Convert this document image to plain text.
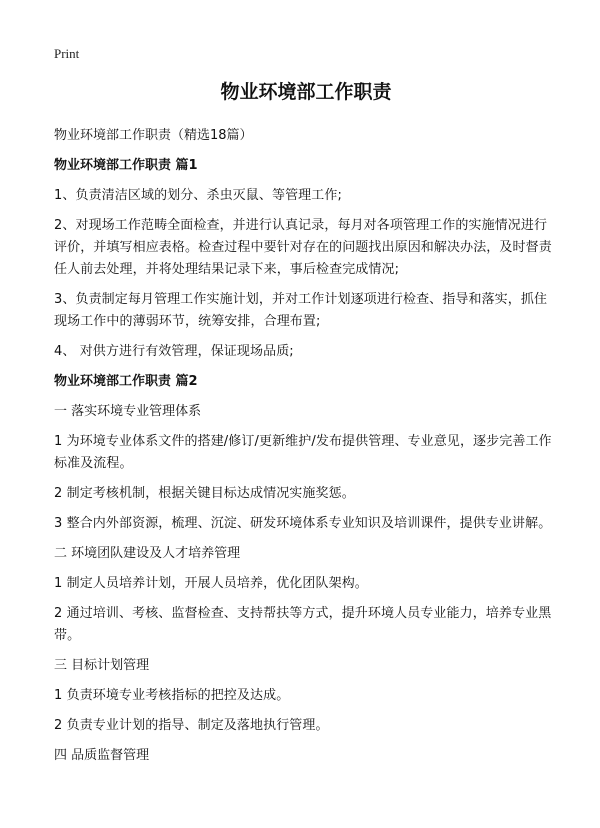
Print
物业环境部工作职责
物业环境部工作职责（精选18篇）
物业环境部工作职责 篇1
1、负责清洁区域的划分、杀虫灭鼠、等管理工作;
2、对现场工作范畴全面检查，并进行认真记录，每月对各项管理工作的实施情况进行评价，并填写相应表格。检查过程中要针对存在的问题找出原因和解决办法，及时督责任人前去处理，并将处理结果记录下来，事后检查完成情况;
3、负责制定每月管理工作实施计划，并对工作计划逐项进行检查、指导和落实，抓住现场工作中的薄弱环节，统筹安排，合理布置;
4、 对供方进行有效管理，保证现场品质;
物业环境部工作职责 篇2
一 落实环境专业管理体系
1 为环境专业体系文件的搭建/修订/更新维护/发布提供管理、专业意见，逐步完善工作标准及流程。
2 制定考核机制，根据关键目标达成情况实施奖惩。
3 整合内外部资源，梳理、沉淀、研发环境体系专业知识及培训课件，提供专业讲解。
二 环境团队建设及人才培养管理
1 制定人员培养计划，开展人员培养，优化团队架构。
2 通过培训、考核、监督检查、支持帮扶等方式，提升环境人员专业能力，培养专业黑带。
三 目标计划管理
1 负责环境专业考核指标的把控及达成。
2 负责专业计划的指导、制定及落地执行管理。
四 品质监督管理
